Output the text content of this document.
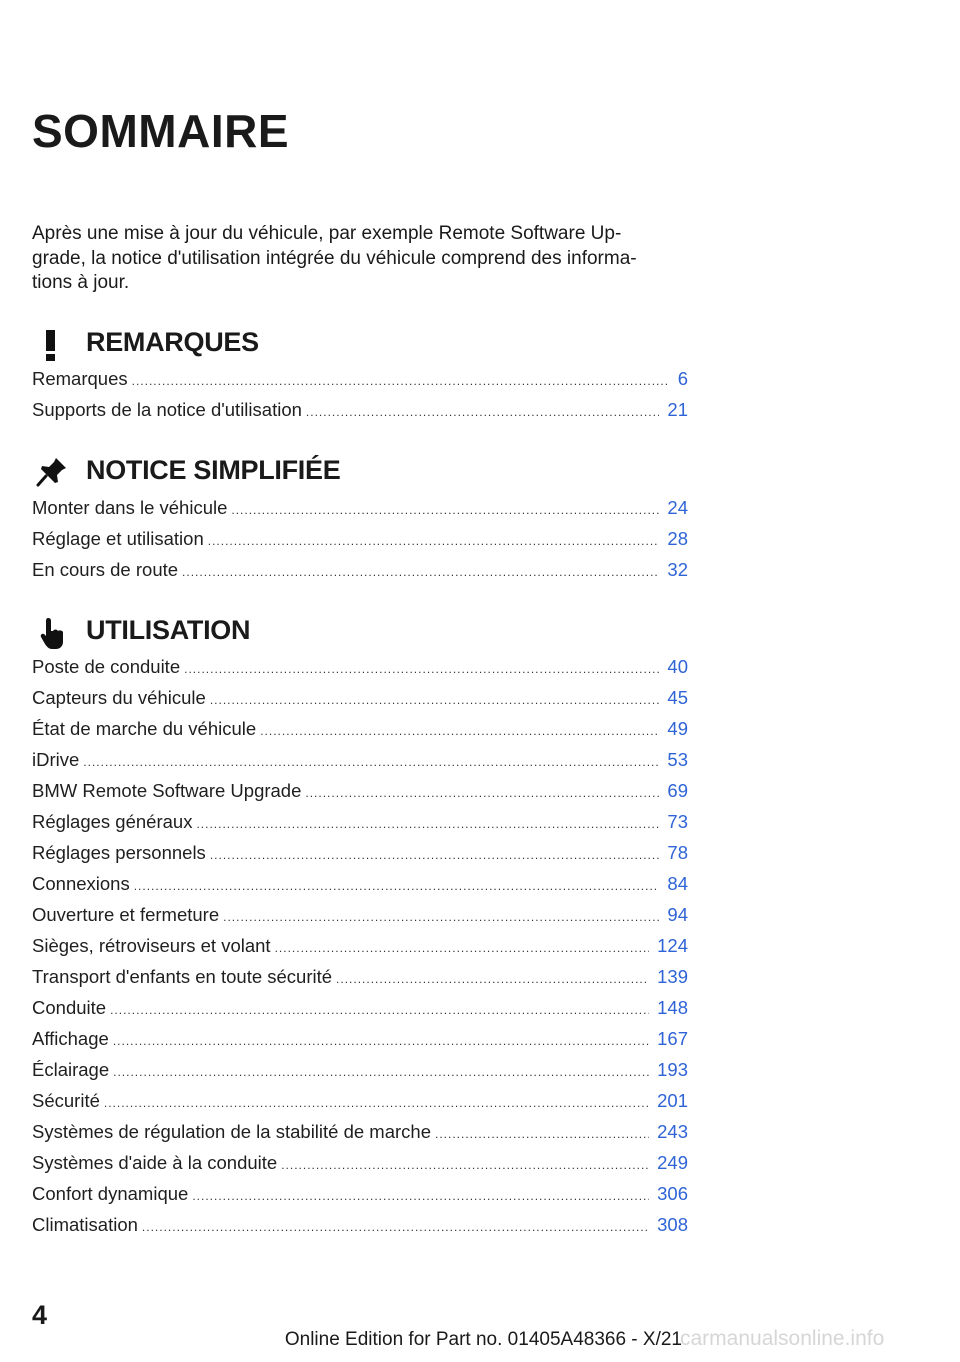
SOMMAIRE
Après une mise à jour du véhicule, par exemple Remote Software Up-
grade, la notice d'utilisation intégrée du véhicule comprend des informa-
tions à jour.
REMARQUES
Remarques .....	6
Supports de la notice d'utilisation .....	21
NOTICE SIMPLIFIÉE
Monter dans le véhicule .....	24
Réglage et utilisation .....	28
En cours de route .....	32
UTILISATION
Poste de conduite .....	40
Capteurs du véhicule .....	45
État de marche du véhicule .....	49
iDrive .....	53
BMW Remote Software Upgrade .....	69
Réglages généraux .....	73
Réglages personnels .....	78
Connexions .....	84
Ouverture et fermeture .....	94
Sièges, rétroviseurs et volant .....	124
Transport d'enfants en toute sécurité .....	139
Conduite .....	148
Affichage .....	167
Éclairage .....	193
Sécurité .....	201
Systèmes de régulation de la stabilité de marche .....	243
Systèmes d'aide à la conduite .....	249
Confort dynamique .....	306
Climatisation .....	308
4
Online Edition for Part no. 01405A48366 - X/21
carmanualsonline.info
